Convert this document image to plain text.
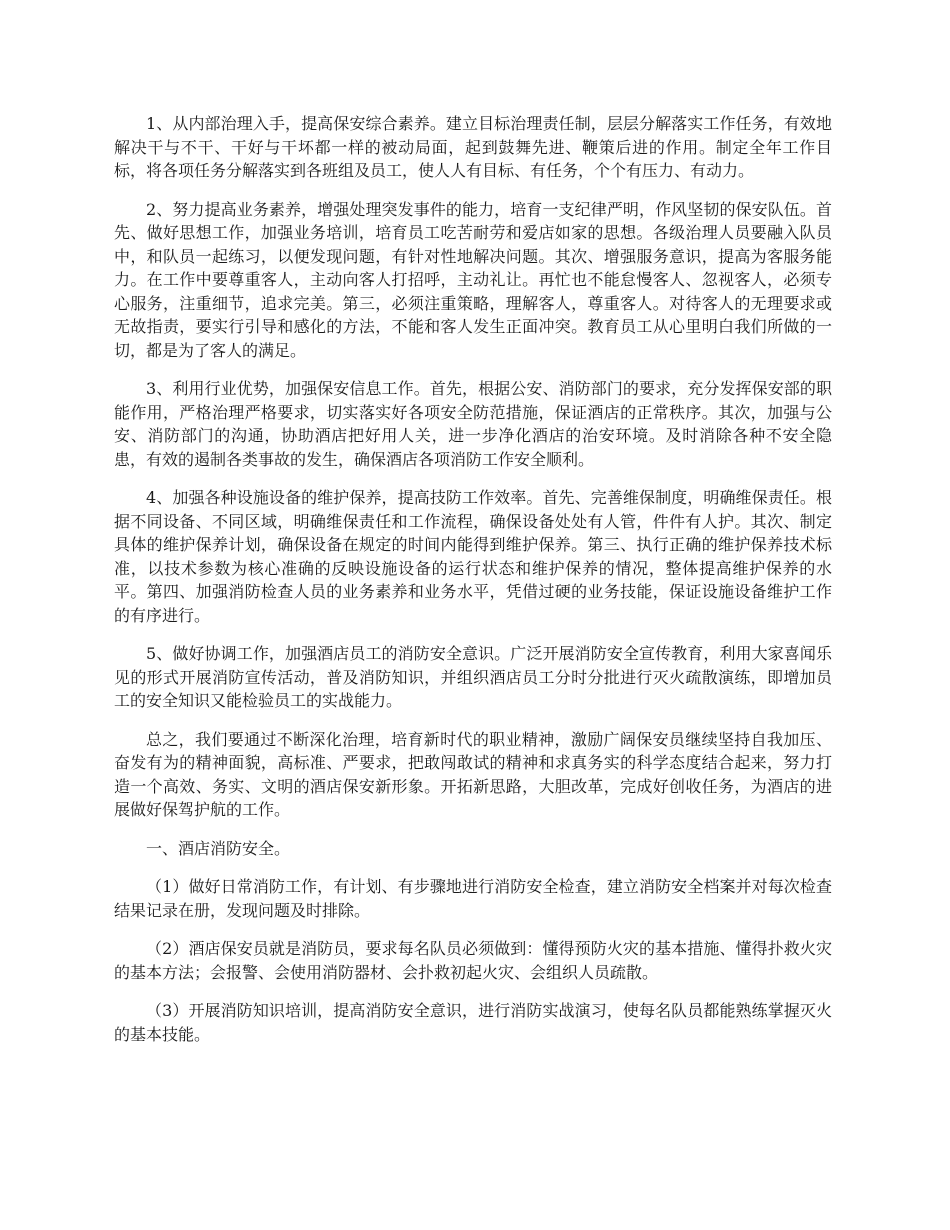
1、从内部治理入手，提高保安综合素养。建立目标治理责任制，层层分解落实工作任务，有效地解决干与不干、干好与干坏都一样的被动局面，起到鼓舞先进、鞭策后进的作用。制定全年工作目标，将各项任务分解落实到各班组及员工，使人人有目标、有任务，个个有压力、有动力。

2、努力提高业务素养，增强处理突发事件的能力，培育一支纪律严明，作风坚韧的保安队伍。首先、做好思想工作，加强业务培训，培育员工吃苦耐劳和爱店如家的思想。各级治理人员要融入队员中，和队员一起练习，以便发现问题，有针对性地解决问题。其次、增强服务意识，提高为客服务能力。在工作中要尊重客人，主动向客人打招呼，主动礼让。再忙也不能怠慢客人、忽视客人，必须专心服务，注重细节，追求完美。第三，必须注重策略，理解客人，尊重客人。对待客人的无理要求或无故指责，要实行引导和感化的方法，不能和客人发生正面冲突。教育员工从心里明白我们所做的一切，都是为了客人的满足。

3、利用行业优势，加强保安信息工作。首先，根据公安、消防部门的要求，充分发挥保安部的职能作用，严格治理严格要求，切实落实好各项安全防范措施，保证酒店的正常秩序。其次，加强与公安、消防部门的沟通，协助酒店把好用人关，进一步净化酒店的治安环境。及时消除各种不安全隐患，有效的遏制各类事故的发生，确保酒店各项消防工作安全顺利。

4、加强各种设施设备的维护保养，提高技防工作效率。首先、完善维保制度，明确维保责任。根据不同设备、不同区域，明确维保责任和工作流程，确保设备处处有人管，件件有人护。其次、制定具体的维护保养计划，确保设备在规定的时间内能得到维护保养。第三、执行正确的维护保养技术标准，以技术参数为核心准确的反映设施设备的运行状态和维护保养的情况，整体提高维护保养的水平。第四、加强消防检查人员的业务素养和业务水平，凭借过硬的业务技能，保证设施设备维护工作的有序进行。

5、做好协调工作，加强酒店员工的消防安全意识。广泛开展消防安全宣传教育，利用大家喜闻乐见的形式开展消防宣传活动，普及消防知识，并组织酒店员工分时分批进行灭火疏散演练，即增加员工的安全知识又能检验员工的实战能力。

总之，我们要通过不断深化治理，培育新时代的职业精神，激励广阔保安员继续坚持自我加压、奋发有为的精神面貌，高标准、严要求，把敢闯敢试的精神和求真务实的科学态度结合起来，努力打造一个高效、务实、文明的酒店保安新形象。开拓新思路，大胆改革，完成好创收任务，为酒店的进展做好保驾护航的工作。

一、酒店消防安全。

（1）做好日常消防工作，有计划、有步骤地进行消防安全检查，建立消防安全档案并对每次检查结果记录在册，发现问题及时排除。

（2）酒店保安员就是消防员，要求每名队员必须做到：懂得预防火灾的基本措施、懂得扑救火灾的基本方法；会报警、会使用消防器材、会扑救初起火灾、会组织人员疏散。

（3）开展消防知识培训，提高消防安全意识，进行消防实战演习，使每名队员都能熟练掌握灭火的基本技能。
